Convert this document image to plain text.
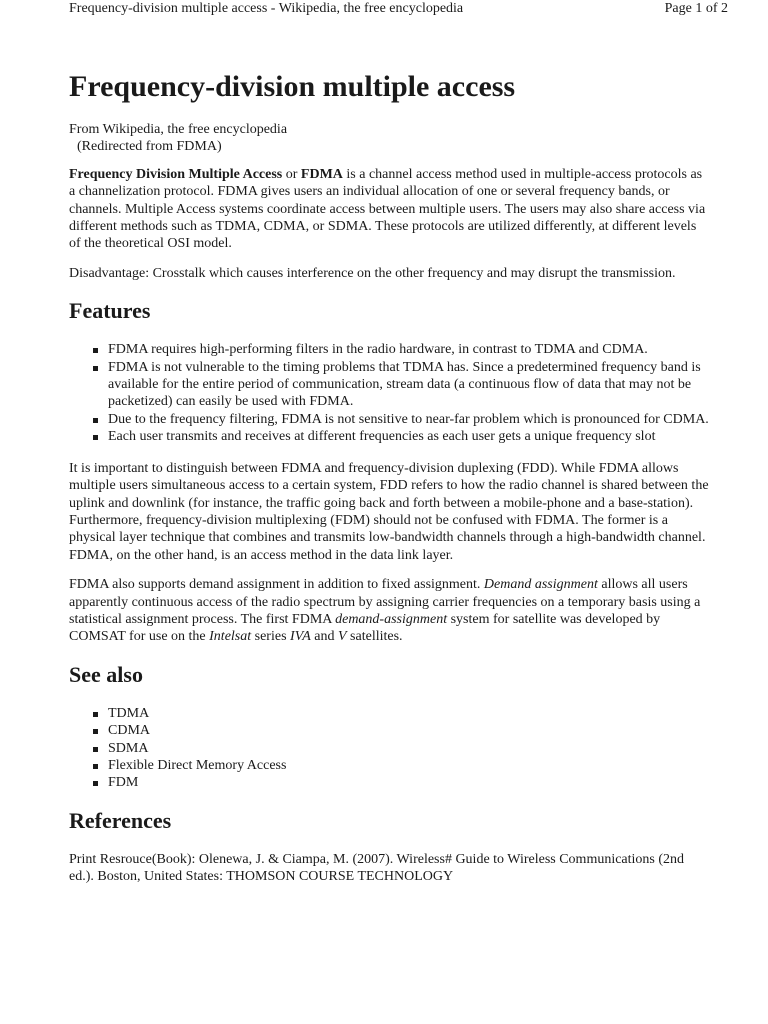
Frequency-division multiple access - Wikipedia, the free encyclopedia	Page 1 of 2
Frequency-division multiple access
From Wikipedia, the free encyclopedia
(Redirected from FDMA)

Frequency Division Multiple Access or FDMA is a channel access method used in multiple-access protocols as a channelization protocol. FDMA gives users an individual allocation of one or several frequency bands, or channels. Multiple Access systems coordinate access between multiple users. The users may also share access via different methods such as TDMA, CDMA, or SDMA. These protocols are utilized differently, at different levels of the theoretical OSI model.

Disadvantage: Crosstalk which causes interference on the other frequency and may disrupt the transmission.

Features
FDMA requires high-performing filters in the radio hardware, in contrast to TDMA and CDMA.
FDMA is not vulnerable to the timing problems that TDMA has. Since a predetermined frequency band is available for the entire period of communication, stream data (a continuous flow of data that may not be packetized) can easily be used with FDMA.
Due to the frequency filtering, FDMA is not sensitive to near-far problem which is pronounced for CDMA.
Each user transmits and receives at different frequencies as each user gets a unique frequency slot

It is important to distinguish between FDMA and frequency-division duplexing (FDD). While FDMA allows multiple users simultaneous access to a certain system, FDD refers to how the radio channel is shared between the uplink and downlink (for instance, the traffic going back and forth between a mobile-phone and a base-station). Furthermore, frequency-division multiplexing (FDM) should not be confused with FDMA. The former is a physical layer technique that combines and transmits low-bandwidth channels through a high-bandwidth channel. FDMA, on the other hand, is an access method in the data link layer.

FDMA also supports demand assignment in addition to fixed assignment. Demand assignment allows all users apparently continuous access of the radio spectrum by assigning carrier frequencies on a temporary basis using a statistical assignment process. The first FDMA demand-assignment system for satellite was developed by COMSAT for use on the Intelsat series IVA and V satellites.

See also
TDMA
CDMA
SDMA
Flexible Direct Memory Access
FDM
References

Print Resrouce(Book): Olenewa, J. & Ciampa, M. (2007). Wireless# Guide to Wireless Communications (2nd ed.). Boston, United States: THOMSON COURSE TECHNOLOGY
